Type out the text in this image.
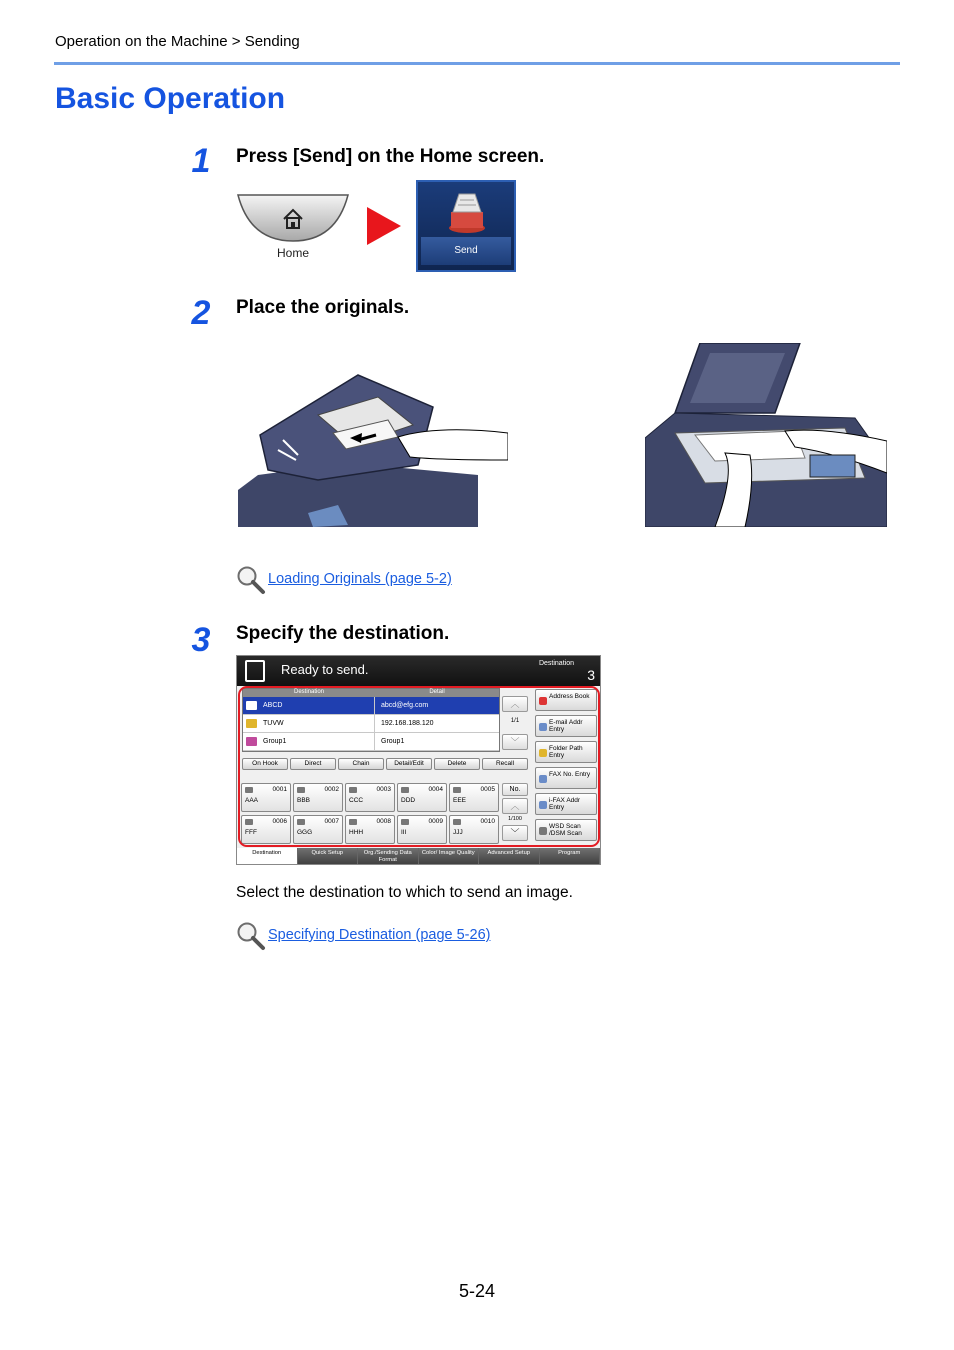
Operation on the Machine > Sending
Basic Operation
1 Press [Send] on the Home screen.
Home	Send
2 Place the originals.
Loading Originals (page 5-2)
3 Specify the destination.
Ready to send.	Destination
3
Destination	Detail
ABCD	abcd@efg.com
TUVW	192.168.188.120
Group1	Group1
︿
1/1
﹀
Address Book
E-mail Addr Entry
Folder Path Entry
FAX No. Entry
i-FAX Addr Entry
WSD Scan /DSM Scan
On Hook	Direct	Chain	Detail/Edit	Delete	Recall
0001
AAA
0002
BBB
0003
CCC
0004
DDD
0005
EEE
0006
FFF
0007
GGG
0008
HHH
0009
III
0010
JJJ
No.
︿
1/100
﹀
Destination	Quick Setup	Org./Sending Data Format
Color/ Image Quality	Advanced Setup	Program
Select the destination to which to send an image.
Specifying Destination (page 5-26)
5-24
